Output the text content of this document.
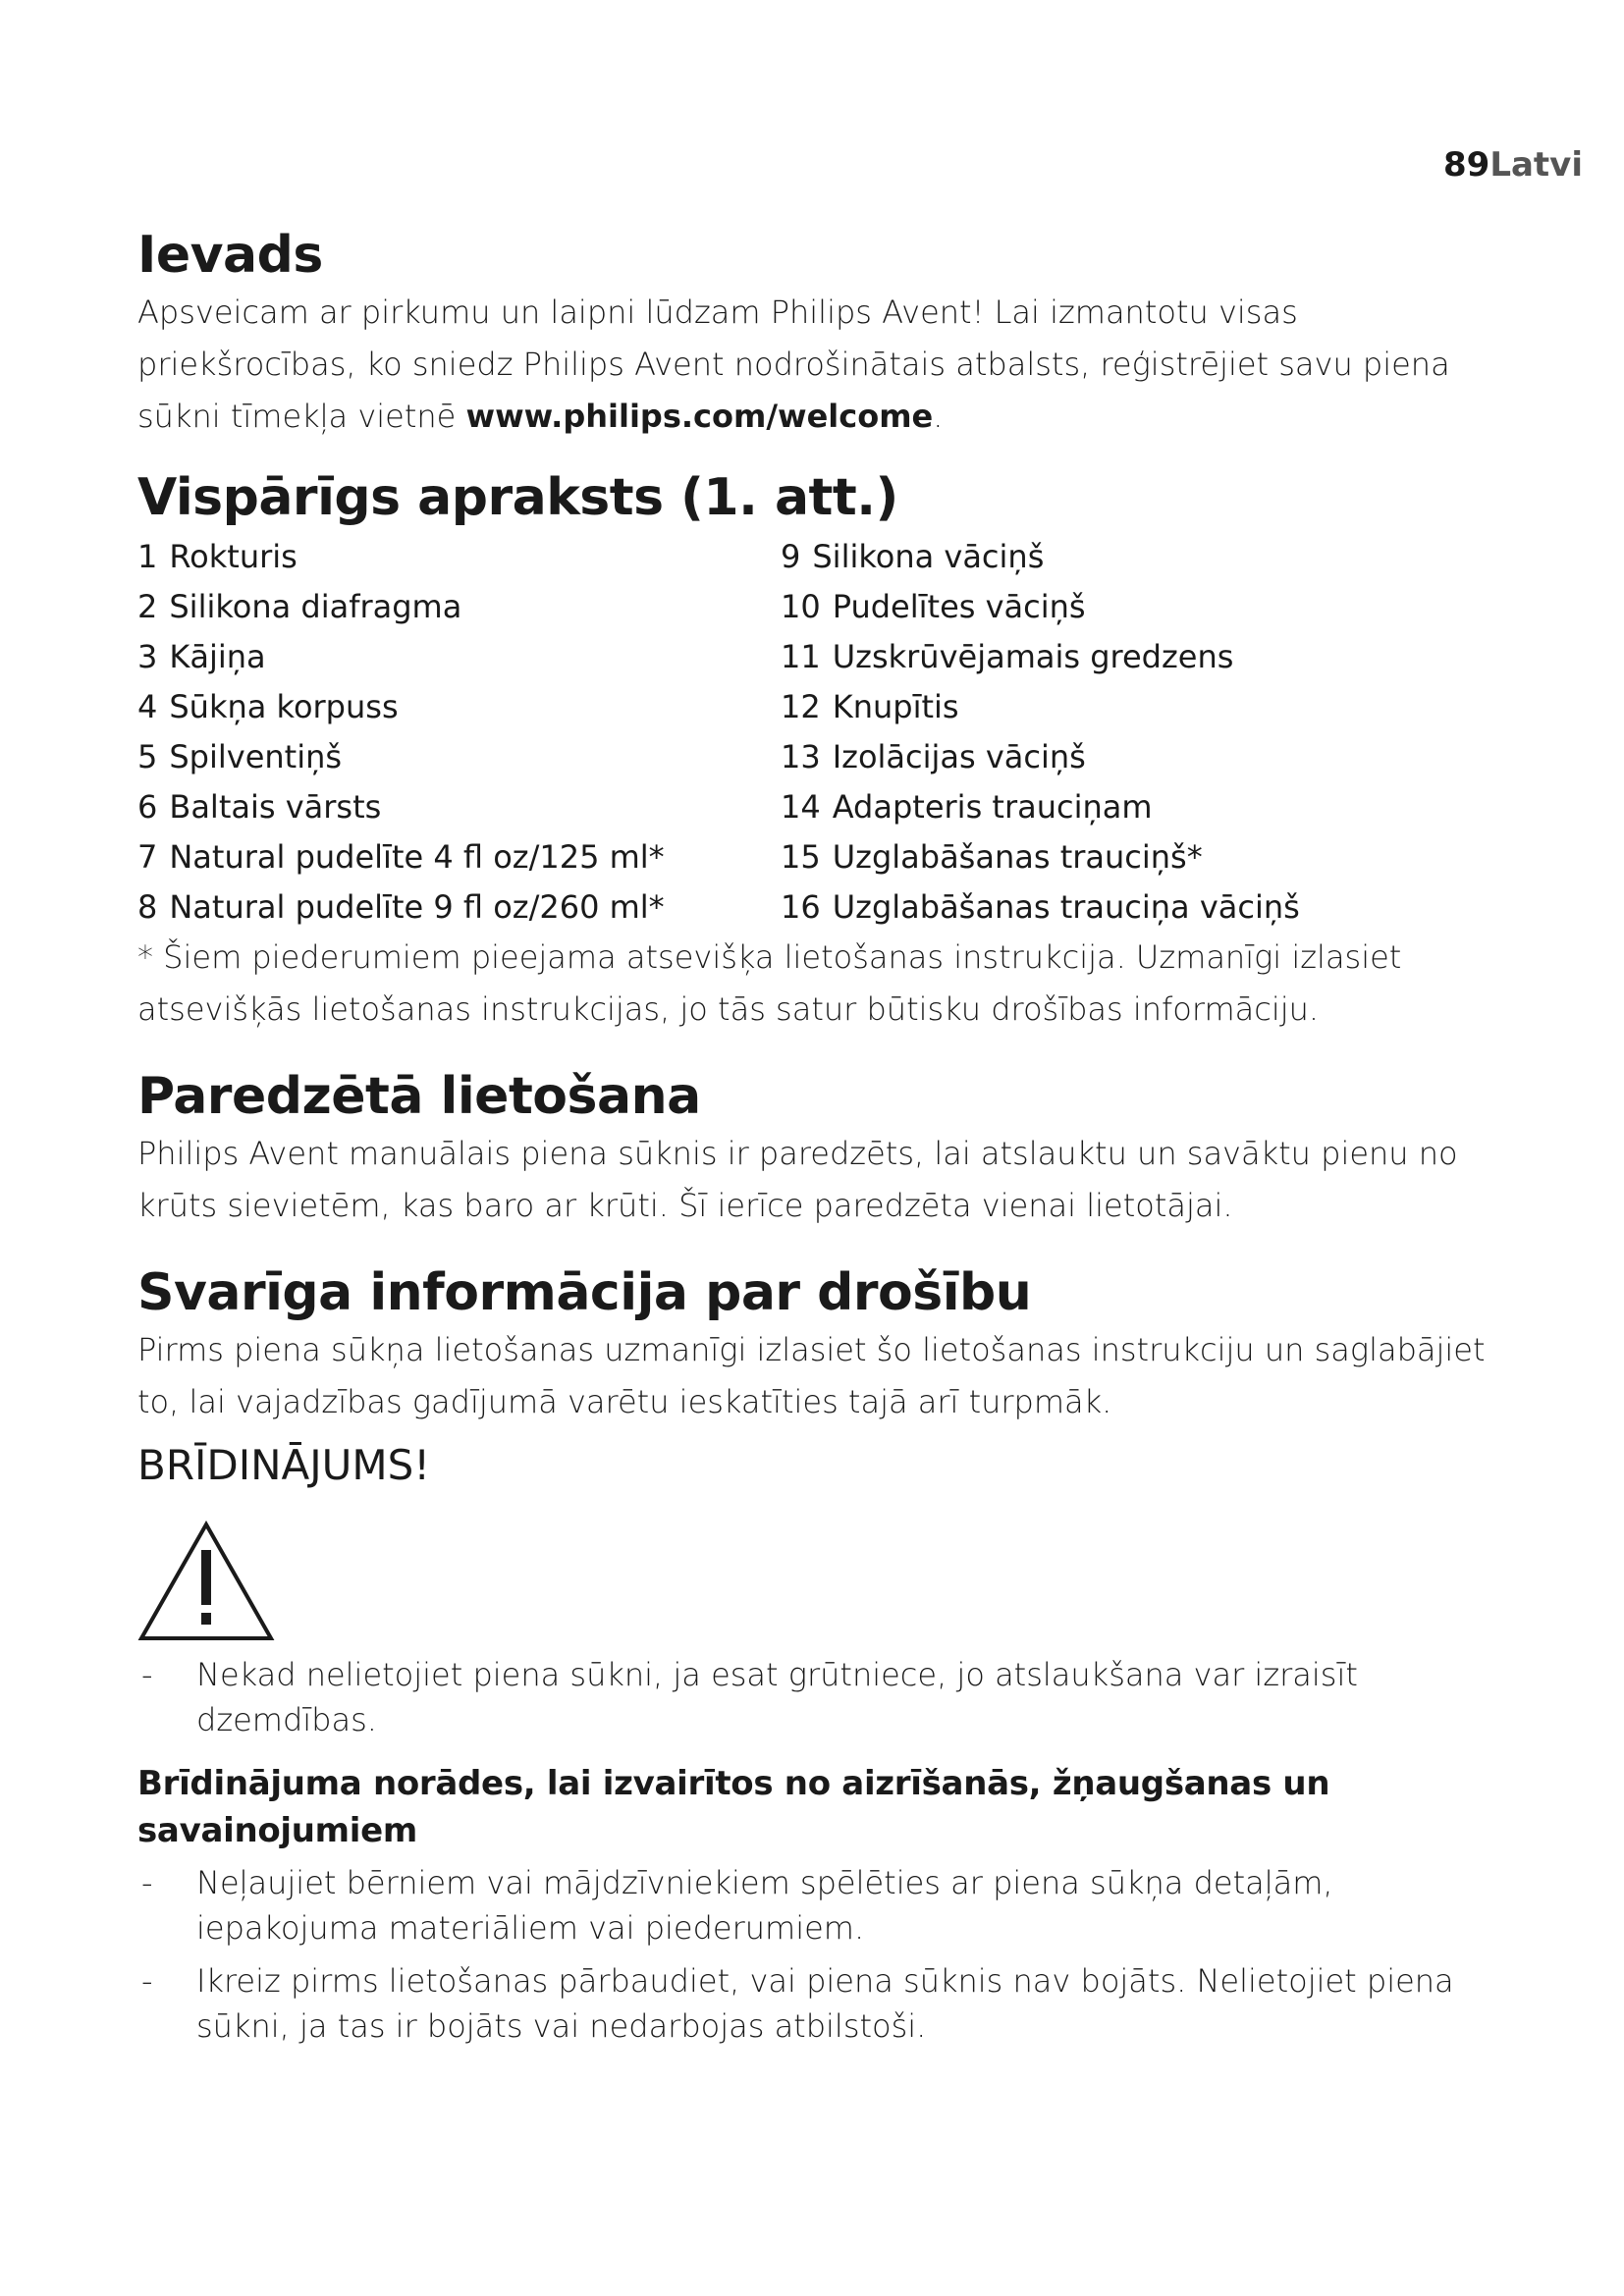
89Latvi
Ievads

Apsveicam ar pirkumu un laipni lūdzam Philips Avent! Lai izmantotu visas priekšrocības, ko sniedz Philips Avent nodrošinātais atbalsts, reģistrējiet savu piena sūkni tīmekļa vietnē www.philips.com/welcome.

Vispārīgs apraksts (1. att.)
1 Rokturis
2 Silikona diafragma
3 Kājiņa
4 Sūkņa korpuss
5 Spilventiņš
6 Baltais vārsts
7 Natural pudelīte 4 fl oz/125 ml*
8 Natural pudelīte 9 fl oz/260 ml*
9 Silikona vāciņš
10 Pudelītes vāciņš
11 Uzskrūvējamais gredzens
12 Knupītis
13 Izolācijas vāciņš
14 Adapteris trauciņam
15 Uzglabāšanas trauciņš*
16 Uzglabāšanas trauciņa vāciņš

* Šiem piederumiem pieejama atsevišķa lietošanas instrukcija. Uzmanīgi izlasiet atsevišķās lietošanas instrukcijas, jo tās satur būtisku drošības informāciju.

Paredzētā lietošana

Philips Avent manuālais piena sūknis ir paredzēts, lai atslauktu un savāktu pienu no krūts sievietēm, kas baro ar krūti. Šī ierīce paredzēta vienai lietotājai.

Svarīga informācija par drošību

Pirms piena sūkņa lietošanas uzmanīgi izlasiet šo lietošanas instrukciju un saglabājiet to, lai vajadzības gadījumā varētu ieskatīties tajā arī turpmāk.

BRĪDINĀJUMS!
- Nekad nelietojiet piena sūkni, ja esat grūtniece, jo atslaukšana var izraisīt dzemdības.
Brīdinājuma norādes, lai izvairītos no aizrīšanās, žņaugšanas un savainojumiem
- Neļaujiet bērniem vai mājdzīvniekiem spēlēties ar piena sūkņa detaļām, iepakojuma materiāliem vai piederumiem.
- Ikreiz pirms lietošanas pārbaudiet, vai piena sūknis nav bojāts. Nelietojiet piena sūkni, ja tas ir bojāts vai nedarbojas atbilstoši.
